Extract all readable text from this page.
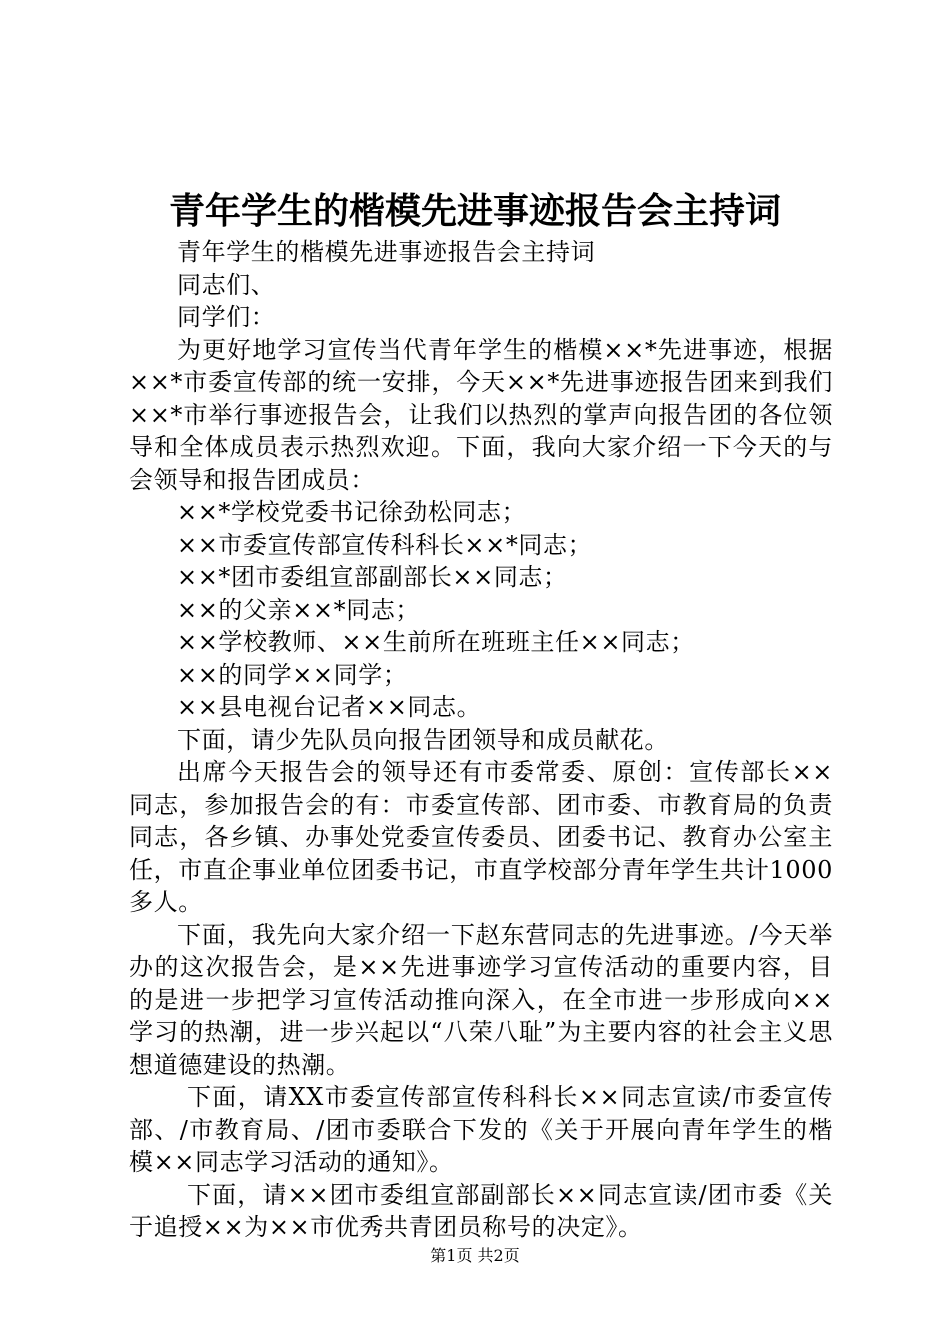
青年学生的楷模先进事迹报告会主持词

青年学生的楷模先进事迹报告会主持词

同志们、

同学们：

为更好地学习宣传当代青年学生的楷模××*先进事迹，根据××*市委宣传部的统一安排，今天××*先进事迹报告团来到我们××*市举行事迹报告会，让我们以热烈的掌声向报告团的各位领导和全体成员表示热烈欢迎。下面，我向大家介绍一下今天的与会领导和报告团成员：

××*学校党委书记徐劲松同志；

××市委宣传部宣传科科长××*同志；

××*团市委组宣部副部长××同志；

××的父亲××*同志；

××学校教师、××生前所在班班主任××同志；

××的同学××同学；

××县电视台记者××同志。

下面，请少先队员向报告团领导和成员献花。

出席今天报告会的领导还有市委常委、原创：宣传部长××同志，参加报告会的有：市委宣传部、团市委、市教育局的负责同志，各乡镇、办事处党委宣传委员、团委书记、教育办公室主任，市直企事业单位团委书记，市直学校部分青年学生共计1000多人。

下面，我先向大家介绍一下赵东营同志的先进事迹。/今天举办的这次报告会，是××先进事迹学习宣传活动的重要内容，目的是进一步把学习宣传活动推向深入，在全市进一步形成向××学习的热潮，进一步兴起以“八荣八耻”为主要内容的社会主义思想道德建设的热潮。

下面，请XX市委宣传部宣传科科长××同志宣读/市委宣传部、/市教育局、/团市委联合下发的《关于开展向青年学生的楷模××同志学习活动的通知》。

下面，请××团市委组宣部副部长××同志宣读/团市委《关于追授××为××市优秀共青团员称号的决定》。

第1页 共2页
